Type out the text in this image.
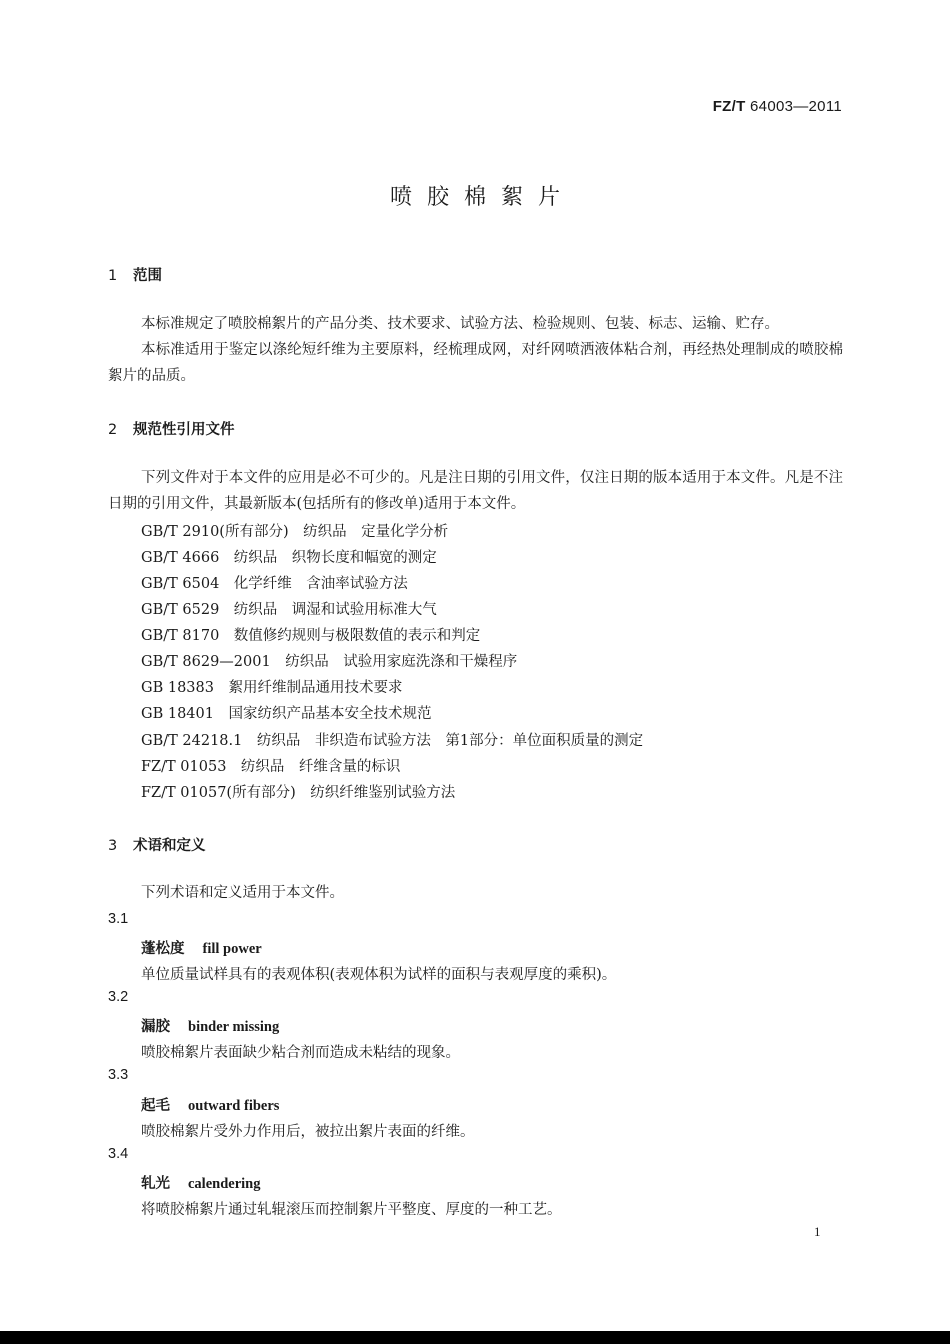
FZ/T 64003—2011
喷胶棉絮片
1 范围
本标准规定了喷胶棉絮片的产品分类、技术要求、试验方法、检验规则、包装、标志、运输、贮存。
本标准适用于鉴定以涤纶短纤维为主要原料，经梳理成网，对纤网喷洒液体粘合剂，再经热处理制成的喷胶棉絮片的品质。
2 规范性引用文件
下列文件对于本文件的应用是必不可少的。凡是注日期的引用文件，仅注日期的版本适用于本文件。凡是不注日期的引用文件，其最新版本(包括所有的修改单)适用于本文件。
GB/T 2910(所有部分)　纺织品　定量化学分析
GB/T 4666　纺织品　织物长度和幅宽的测定
GB/T 6504　化学纤维　含油率试验方法
GB/T 6529　纺织品　调湿和试验用标准大气
GB/T 8170　数值修约规则与极限数值的表示和判定
GB/T 8629—2001　纺织品　试验用家庭洗涤和干燥程序
GB 18383　絮用纤维制品通用技术要求
GB 18401　国家纺织产品基本安全技术规范
GB/T 24218.1　纺织品　非织造布试验方法　第1部分：单位面积质量的测定
FZ/T 01053　纺织品　纤维含量的标识
FZ/T 01057(所有部分)　纺织纤维鉴别试验方法
3 术语和定义
下列术语和定义适用于本文件。
3.1
蓬松度 fill power
单位质量试样具有的表观体积(表观体积为试样的面积与表观厚度的乘积)。
3.2
漏胶 binder missing
喷胶棉絮片表面缺少粘合剂而造成未粘结的现象。
3.3
起毛 outward fibers
喷胶棉絮片受外力作用后，被拉出絮片表面的纤维。
3.4
轧光 calendering
将喷胶棉絮片通过轧辊滚压而控制絮片平整度、厚度的一种工艺。
1
